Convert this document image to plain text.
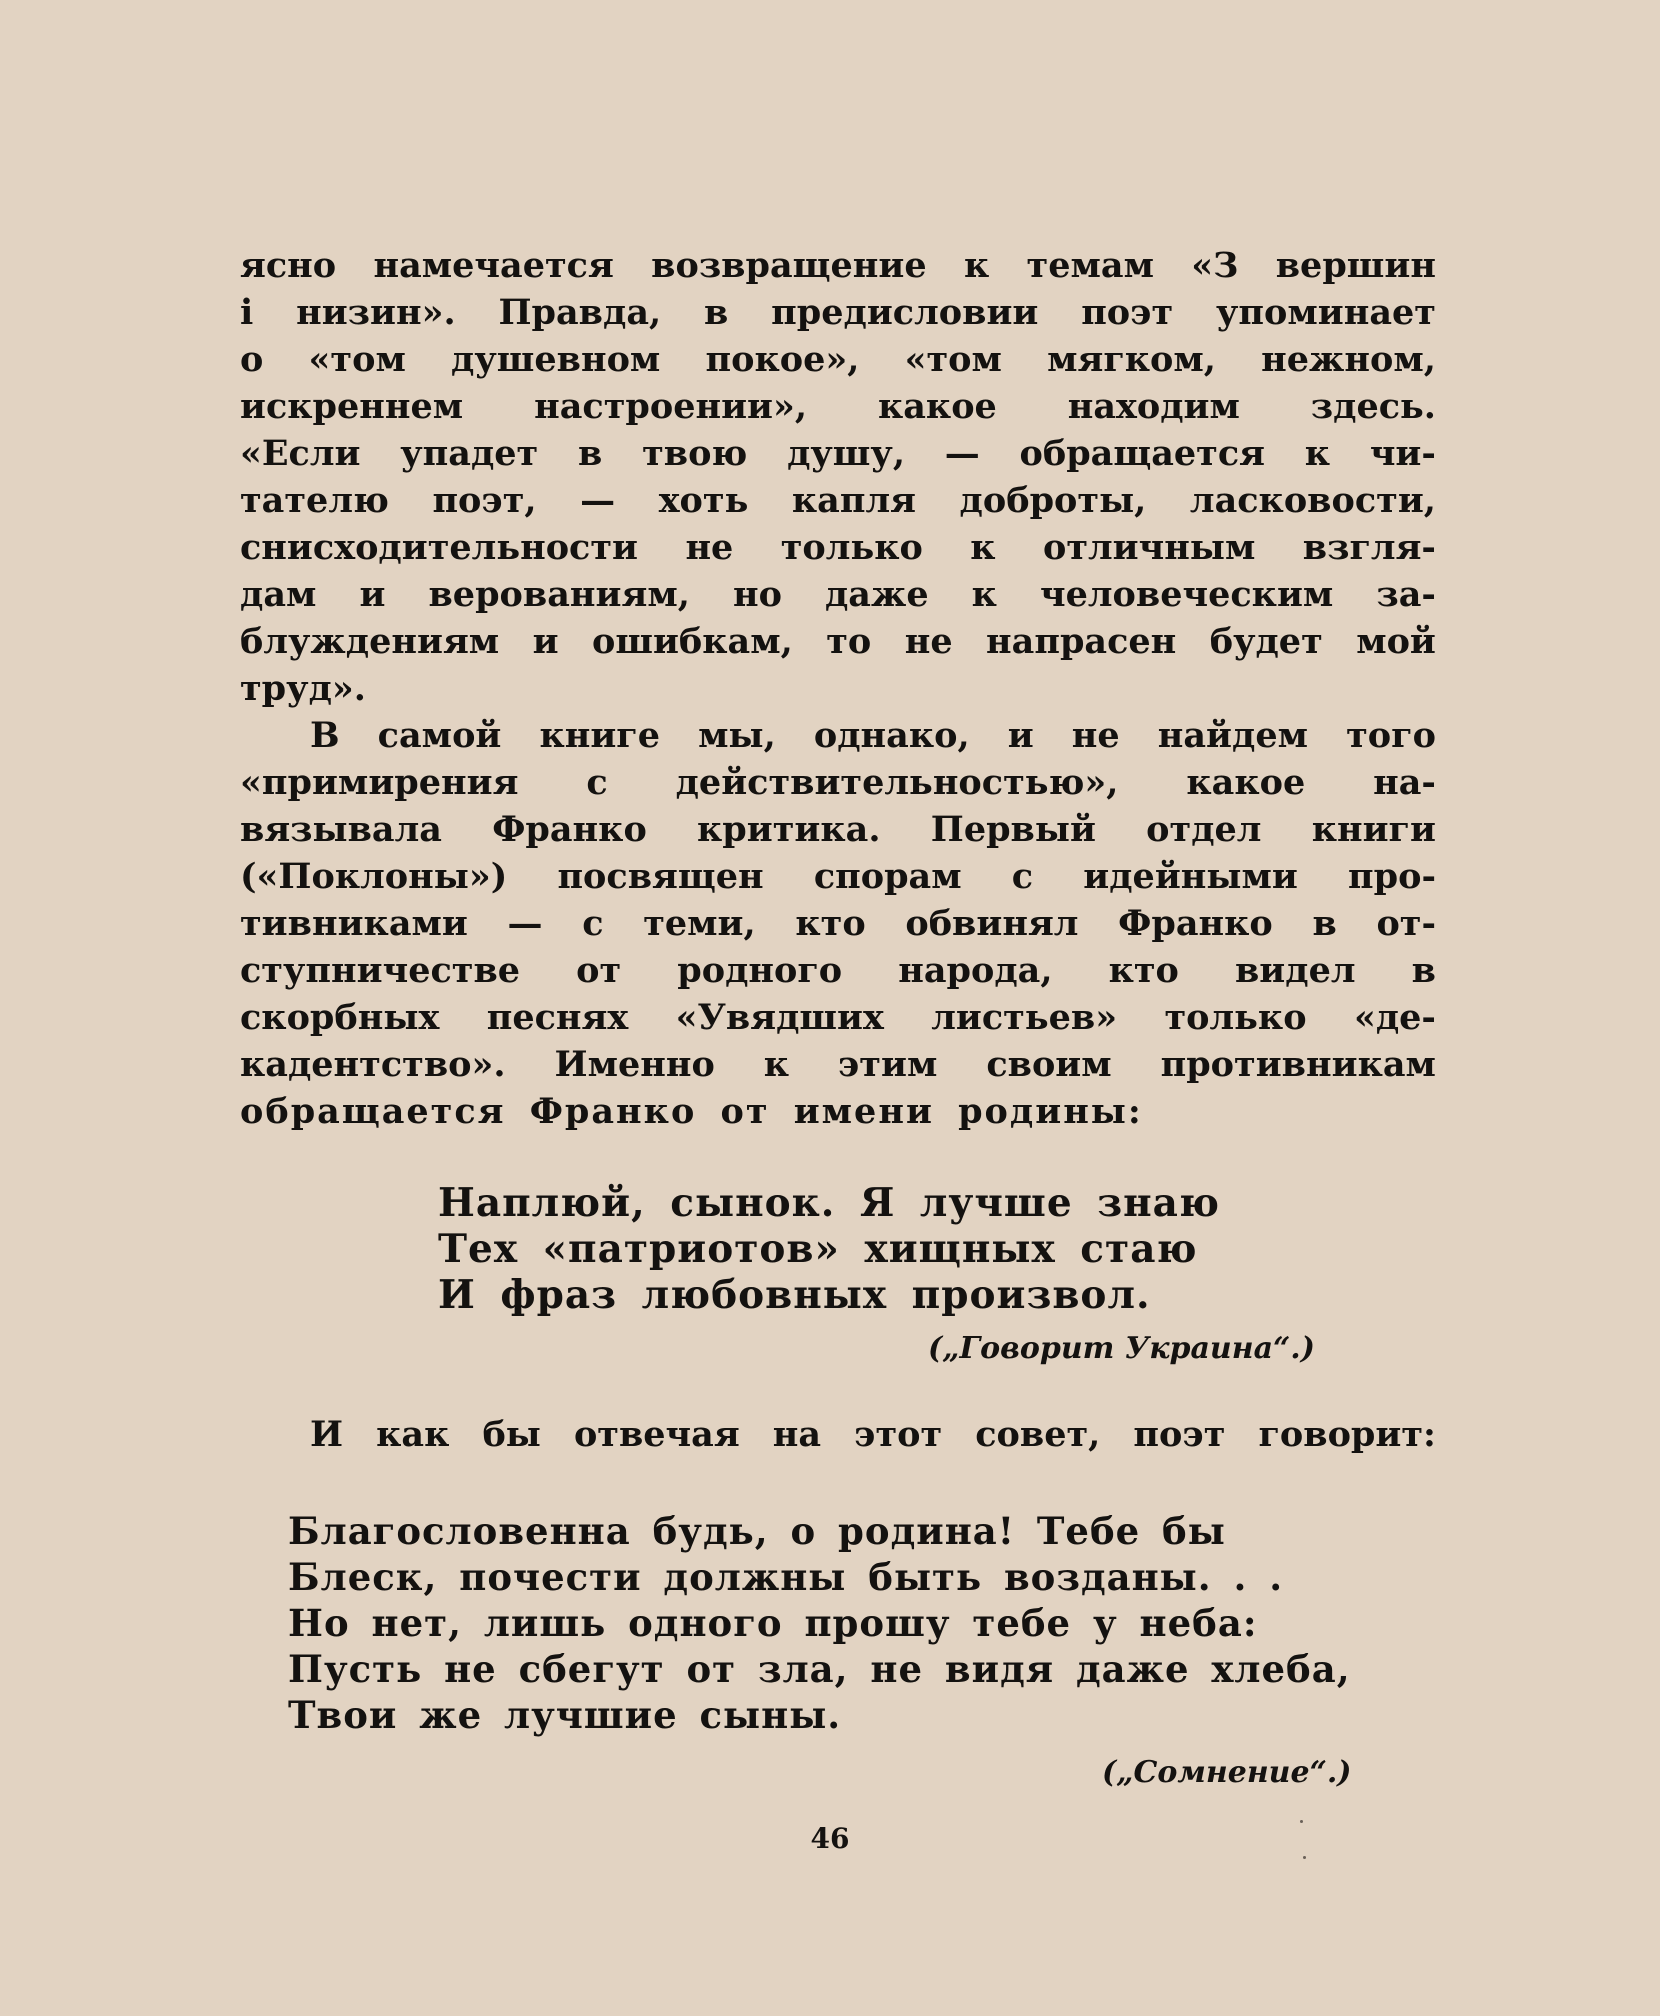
ясно намечается возвращение к темам «З вершин
і низин». Правда, в предисловии поэт упоминает
о «том душевном покое», «том мягком, нежном,
искреннем настроении», какое находим здесь.
«Если упадет в твою душу, — обращается к чи-
тателю поэт, — хоть капля доброты, ласковости,
снисходительности не только к отличным взгля-
дам и верованиям, но даже к человеческим за-
блуждениям и ошибкам, то не напрасен будет мой
труд».
В самой книге мы, однако, и не найдем того
«примирения с действительностью», какое на-
вязывала Франко критика. Первый отдел книги
(«Поклоны») посвящен спорам с идейными про-
тивниками — с теми, кто обвинял Франко в от-
ступничестве от родного народа, кто видел в
скорбных песнях «Увядших листьев» только «де-
кадентство». Именно к этим своим противникам
обращается Франко от имени родины:
Наплюй, сынок. Я лучше знаю
Тех «патриотов» хищных стаю
И фраз любовных произвол.
(„Говорит Украина“.)
И как бы отвечая на этот совет, поэт говорит:
Благословенна будь, о родина! Тебе бы
Блеск, почести должны быть возданы. . .
Но нет, лишь одного прошу тебе у неба:
Пусть не сбегут от зла, не видя даже хлеба,
Твои же лучшие сыны.
(„Сомнение“.)
46
